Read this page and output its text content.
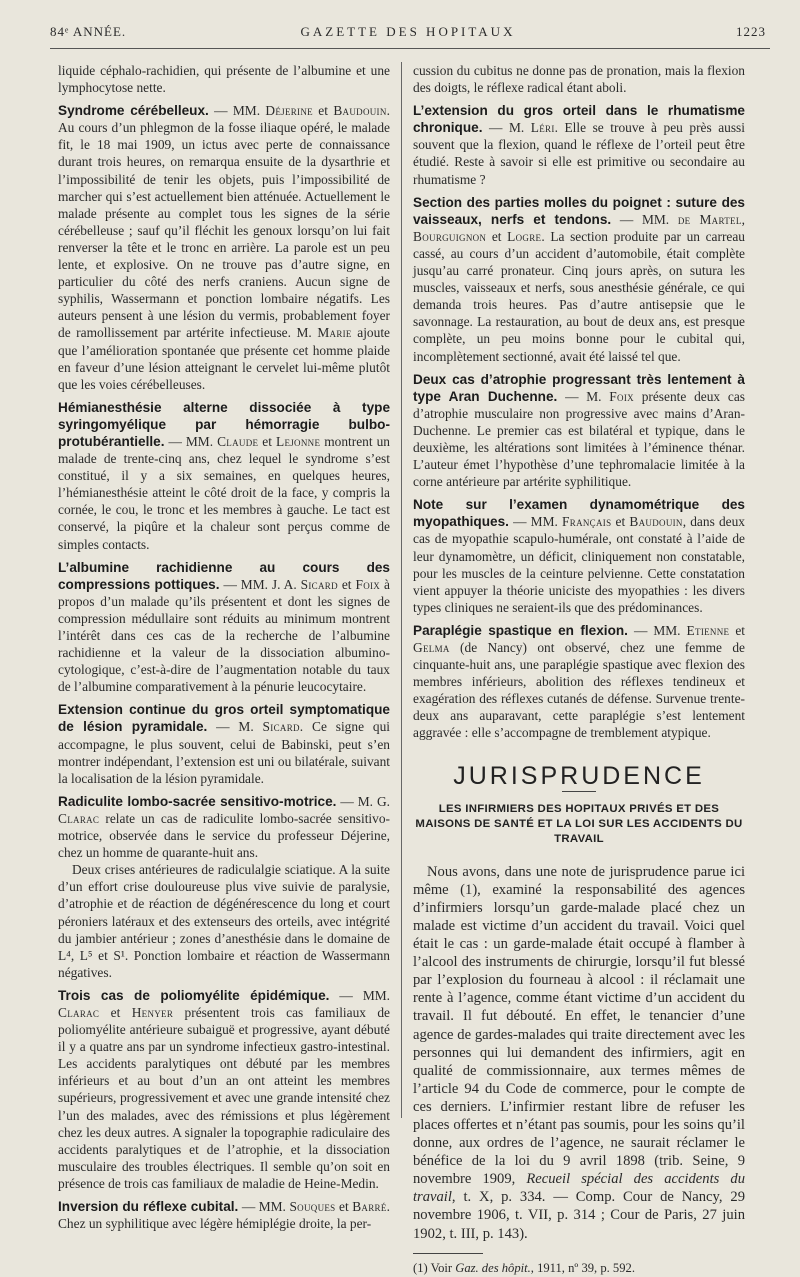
84ᵉ ANNÉE.	GAZETTE DES HOPITAUX	1223

liquide céphalo-rachidien, qui présente de l’albumine et une lymphocytose nette.

Syndrome cérébelleux. — MM. Déjerine et Baudouin. Au cours d’un phlegmon de la fosse iliaque opéré, le malade fit, le 18 mai 1909, un ictus avec perte de connaissance durant trois heures, on remarqua ensuite de la dysarthrie et l’impossibilité de tenir les objets, puis l’impossibilité de marcher qui s’est actuellement bien atténuée. Actuellement le malade présente au complet tous les signes de la série cérébelleuse ; sauf qu’il fléchit les genoux lorsqu’on lui fait renverser la tête et le tronc en arrière. La parole est un peu lente, et explosive. On ne trouve pas d’autre signe, en particulier du côté des nerfs craniens. Aucun signe de syphilis, Wassermann et ponction lombaire négatifs. Les auteurs pensent à une lésion du vermis, probablement foyer de ramollissement par artérite infectieuse. M. Marie ajoute que l’amélioration spontanée que présente cet homme plaide en faveur d’une lésion atteignant le cervelet lui-même plutôt que les voies cérébelleuses.

Hémianesthésie alterne dissociée à type syringomyélique par hémorragie bulbo-protubérantielle. — MM. Claude et Lejonne montrent un malade de trente-cinq ans, chez lequel le syndrome s’est constitué, il y a six semaines, en quelques heures, l’hémianesthésie atteint le côté droit de la face, y compris la cornée, le cou, le tronc et les membres à gauche. Le tact est conservé, la piqûre et la chaleur sont perçus comme de simples contacts.

L’albumine rachidienne au cours des compressions pottiques. — MM. J. A. Sicard et Foix à propos d’un malade qu’ils présentent et dont les signes de compression médullaire sont réduits au minimum montrent l’intérêt dans ces cas de la recherche de l’albumine rachidienne et la valeur de la dissociation albumino-cytologique, c’est-à-dire de l’augmentation notable du taux de l’albumine comparativement à la pénurie leucocytaire.

Extension continue du gros orteil symptomatique de lésion pyramidale. — M. Sicard. Ce signe qui accompagne, le plus souvent, celui de Babinski, peut s’en montrer indépendant, l’extension est uni ou bilatérale, suivant la localisation de la lésion pyramidale.

Radiculite lombo-sacrée sensitivo-motrice. — M. G. Clarac relate un cas de radiculite lombo-sacrée sensitivo-motrice, observée dans le service du professeur Déjerine, chez un homme de quarante-huit ans.

Deux crises antérieures de radiculalgie sciatique. A la suite d’un effort crise douloureuse plus vive suivie de paralysie, d’atrophie et de réaction de dégénérescence du long et court péroniers latéraux et des extenseurs des orteils, avec intégrité du jambier antérieur ; zones d’anesthésie dans le domaine de L⁴, L⁵ et S¹. Ponction lombaire et réaction de Wassermann négatives.

Trois cas de poliomyélite épidémique. — MM. Clarac et Henyer présentent trois cas familiaux de poliomyélite antérieure subaiguë et progressive, ayant débuté il y a quatre ans par un syndrome infectieux gastro-intestinal. Les accidents paralytiques ont débuté par les membres inférieurs et au bout d’un an ont atteint les membres supérieurs, progressivement et avec une grande intensité chez l’un des malades, avec des rémissions et plus légèrement chez les deux autres. A signaler la topographie radiculaire des accidents paralytiques et de l’atrophie, et la dissociation musculaire des troubles électriques. Il semble qu’on soit en présence de trois cas familiaux de maladie de Heine-Medin.

Inversion du réflexe cubital. — MM. Souques et Barré. Chez un syphilitique avec légère hémiplégie droite, la per-

cussion du cubitus ne donne pas de pronation, mais la flexion des doigts, le réflexe radical étant aboli.

L’extension du gros orteil dans le rhumatisme chronique. — M. Léri. Elle se trouve à peu près aussi souvent que la flexion, quand le réflexe de l’orteil peut être étudié. Reste à savoir si elle est primitive ou secondaire au rhumatisme ?

Section des parties molles du poignet : suture des vaisseaux, nerfs et tendons. — MM. de Martel, Bourguignon et Logre. La section produite par un carreau cassé, au cours d’un accident d’automobile, était complète jusqu’au carré pronateur. Cinq jours après, on sutura les muscles, vaisseaux et nerfs, sous anesthésie générale, ce qui demanda trois heures. Pas d’autre antisepsie que le savonnage. La restauration, au bout de deux ans, est presque complète, un peu moins bonne pour le cubital qui, incomplètement sectionné, avait été laissé tel que.

Deux cas d’atrophie progressant très lentement à type Aran Duchenne. — M. Foix présente deux cas d’atrophie musculaire non progressive avec mains d’Aran-Duchenne. Le premier cas est bilatéral et typique, dans le deuxième, les altérations sont limitées à l’éminence thénar. L’auteur émet l’hypothèse d’une tephromalacie limitée à la corne antérieure par artérite syphilitique.

Note sur l’examen dynamométrique des myopathiques. — MM. Français et Baudouin, dans deux cas de myopathie scapulo-humérale, ont constaté à l’aide de leur dynamomètre, un déficit, cliniquement non constatable, pour les muscles de la ceinture pelvienne. Cette constatation vient appuyer la théorie uniciste des myopathies : les divers types cliniques ne seraient-ils que des prédominances.

Paraplégie spastique en flexion. — MM. Etienne et Gelma (de Nancy) ont observé, chez une femme de cinquante-huit ans, une paraplégie spastique avec flexion des membres inférieurs, abolition des réflexes tendineux et exagération des réflexes cutanés de défense. Survenue trente-deux ans auparavant, cette paraplégie s’est lentement aggravée : elle s’accompagne de tremblement atypique.

JURISPRUDENCE
LES INFIRMIERS DES HOPITAUX PRIVÉS ET DES MAISONS DE SANTÉ ET LA LOI SUR LES ACCIDENTS DU TRAVAIL

Nous avons, dans une note de jurisprudence parue ici même (1), examiné la responsabilité des agences d’infirmiers lorsqu’un garde-malade placé chez un malade est victime d’un accident du travail. Voici quel était le cas : un garde-malade était occupé à flamber à l’alcool des instruments de chirurgie, lorsqu’il fut blessé par l’explosion du fourneau à alcool : il réclamait une rente à l’agence, comme étant victime d’un accident du travail. Il fut débouté. En effet, le tenancier d’une agence de gardes-malades qui traite directement avec les personnes qui lui demandent des infirmiers, agit en qualité de commissionnaire, aux termes mêmes de l’article 94 du Code de commerce, pour le compte de ces derniers. L’infirmier restant libre de refuser les places offertes et n’étant pas soumis, pour les soins qu’il donne, aux ordres de l’agence, ne saurait réclamer le bénéfice de la loi du 9 avril 1898 (trib. Seine, 9 novembre 1909, Recueil spécial des accidents du travail, t. X, p. 334. — Comp. Cour de Nancy, 29 novembre 1906, t. VII, p. 314 ; Cour de Paris, 27 juin 1902, t. III, p. 143).

(1) Voir Gaz. des hôpit., 1911, nº 39, p. 592.
